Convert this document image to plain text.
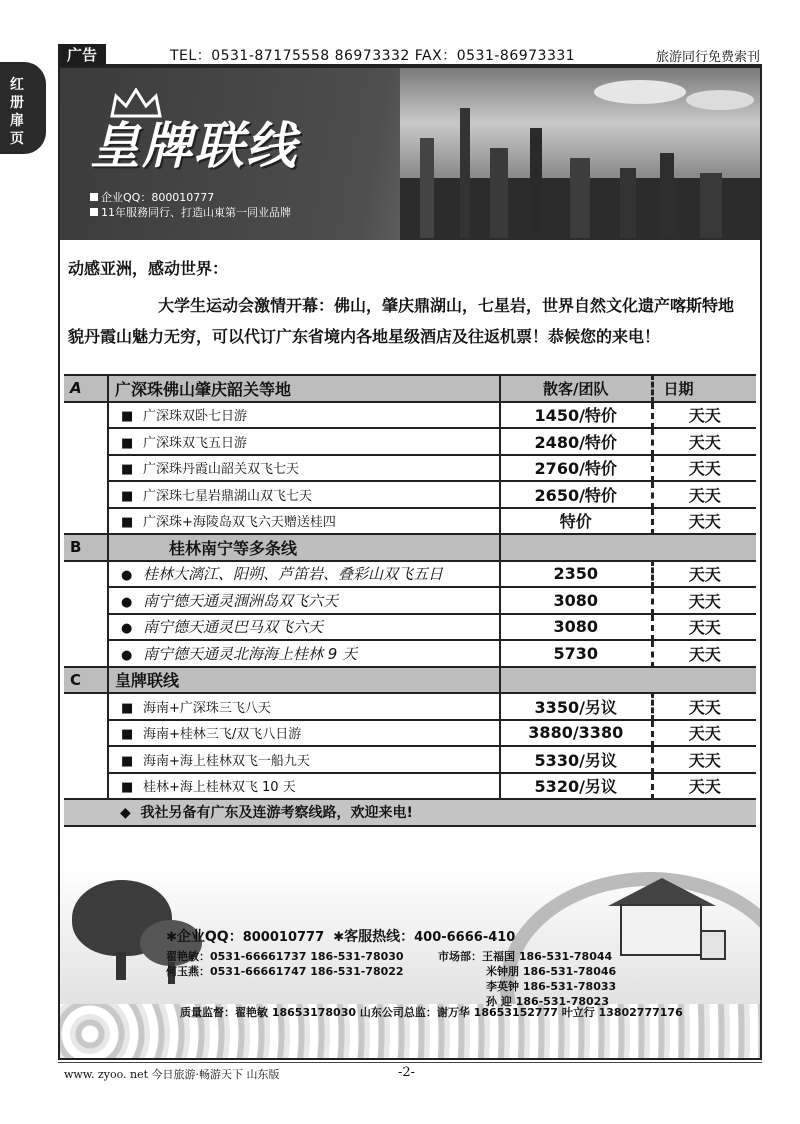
红册扉页
广告	TEL：0531-87175558 86973332 FAX：0531-86973331	旅游同行免费索刊
皇牌联线
企业QQ：800010777
11年服務同行、打造山東第一同业品牌
动感亚洲，感动世界：
大学生运动会激情开幕：佛山，肇庆鼎湖山，七星岩，世界自然文化遗产喀斯特地貌丹霞山魅力无穷，可以代订广东省境内各地星级酒店及往返机票！恭候您的来电！
A	广深珠佛山肇庆韶关等地	散客/团队	日期
	■ 广深珠双卧七日游	1450/特价	天天
	■ 广深珠双飞五日游	2480/特价	天天
	■ 广深珠丹霞山韶关双飞七天	2760/特价	天天
	■ 广深珠七星岩鼎湖山双飞七天	2650/特价	天天
	■ 广深珠+海陵岛双飞六天赠送桂四	特价	天天
B	桂林南宁等多条线		
	● 桂林大漓江、阳朔、芦笛岩、叠彩山双飞五日	2350	天天
	● 南宁德天通灵涠洲岛双飞六天	3080	天天
	● 南宁德天通灵巴马双飞六天	3080	天天
	● 南宁德天通灵北海海上桂林 9 天	5730	天天
C	皇牌联线		
	■ 海南+广深珠三飞八天	3350/另议	天天
	■ 海南+桂林三飞/双飞八日游	3880/3380	天天
	■ 海南+海上桂林双飞一船九天	5330/另议	天天
	■ 桂林+海上桂林双飞 10 天	5320/另议	天天
◆ 我社另备有广东及连游考察线路，欢迎来电!			
✱企业QQ：800010777 ✱客服热线：400-6666-410
翟艳敏：0531-66661737 186-531-78030
何玉燕：0531-66661747 186-531-78022
市场部：王福国 186-531-78044
米钟朋 186-531-78046
李英钟 186-531-78033
孙 迎 186-531-78023
质量监督：翟艳敏 18653178030 山东公司总监：谢万华 18653152777 叶立行 13802777176
www. zyoo. net 今日旅游·畅游天下 山东版	-2-
